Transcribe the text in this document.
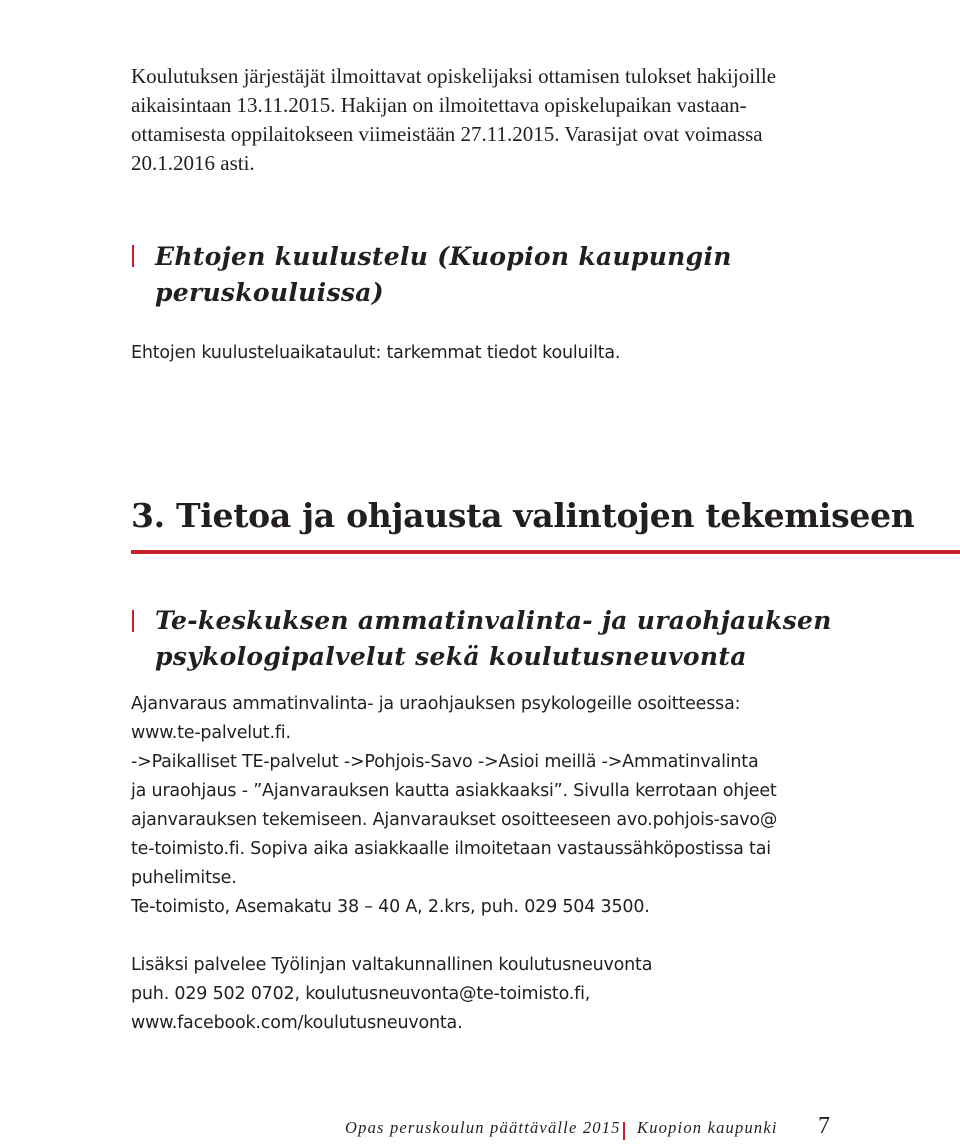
Koulutuksen järjestäjät ilmoittavat opiskelijaksi ottamisen tulokset hakijoille
aikaisintaan 13.11.2015. Hakijan on ilmoitettava opiskelupaikan vastaan-
ottamisesta oppilaitokseen viimeistään 27.11.2015. Varasijat ovat voimassa
20.1.2016 asti.

Ehtojen kuulustelu (Kuopion kaupungin
peruskouluissa)

Ehtojen kuulusteluaikataulut: tarkemmat tiedot kouluilta.

3. Tietoa ja ohjausta valintojen tekemiseen
Te-keskuksen ammatinvalinta- ja uraohjauksen
psykologipalvelut sekä koulutusneuvonta

Ajanvaraus ammatinvalinta- ja uraohjauksen psykologeille osoitteessa:
www.te-palvelut.fi.
->Paikalliset TE-palvelut ->Pohjois-Savo ->Asioi meillä ->Ammatinvalinta
ja uraohjaus - ”Ajanvarauksen kautta asiakkaaksi”. Sivulla kerrotaan ohjeet
ajanvarauksen tekemiseen. Ajanvaraukset osoitteeseen avo.pohjois-savo@
te-toimisto.fi. Sopiva aika asiakkaalle ilmoitetaan vastaussähköpostissa tai
puhelimitse.
Te-toimisto, Asemakatu 38 – 40 A, 2.krs, puh. 029 504 3500.

Lisäksi palvelee Työlinjan valtakunnallinen koulutusneuvonta
puh. 029 502 0702, koulutusneuvonta@te-toimisto.fi,
www.facebook.com/koulutusneuvonta.

Opas peruskoulun päättävälle 2015 Kuopion kaupunki 7
